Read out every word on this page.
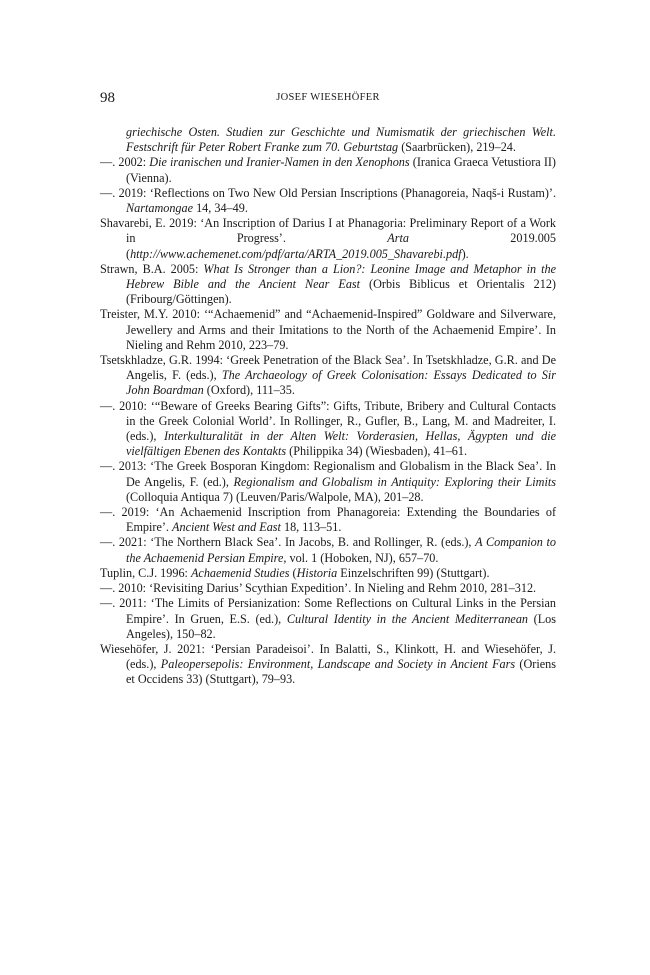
98	JOSEF WIESEHÖFER
griechische Osten. Studien zur Geschichte und Numismatik der griechischen Welt. Festschrift für Peter Robert Franke zum 70. Geburtstag (Saarbrücken), 219–24.
—. 2002: Die iranischen und Iranier-Namen in den Xenophons (Iranica Graeca Vetustiora II) (Vienna).
—. 2019: ‘Reflections on Two New Old Persian Inscriptions (Phanagoreia, Naqš-i Rustam)’. Nartamongae 14, 34–49.
Shavarebi, E. 2019: ‘An Inscription of Darius I at Phanagoria: Preliminary Report of a Work in Progress’. Arta 2019.005 (http://www.achemenet.com/pdf/arta/ARTA_2019.005_Shavarebi.pdf).
Strawn, B.A. 2005: What Is Stronger than a Lion?: Leonine Image and Metaphor in the Hebrew Bible and the Ancient Near East (Orbis Biblicus et Orientalis 212) (Fribourg/Göttingen).
Treister, M.Y. 2010: ‘“Achaemenid” and “Achaemenid-Inspired” Goldware and Silverware, Jewellery and Arms and their Imitations to the North of the Achaemenid Empire’. In Nieling and Rehm 2010, 223–79.
Tsetskhladze, G.R. 1994: ‘Greek Penetration of the Black Sea’. In Tsetskhladze, G.R. and De Angelis, F. (eds.), The Archaeology of Greek Colonisation: Essays Dedicated to Sir John Boardman (Oxford), 111–35.
—. 2010: ‘“Beware of Greeks Bearing Gifts”: Gifts, Tribute, Bribery and Cultural Contacts in the Greek Colonial World’. In Rollinger, R., Gufler, B., Lang, M. and Madreiter, I. (eds.), Interkulturalität in der Alten Welt: Vorderasien, Hellas, Ägypten und die vielfältigen Ebenen des Kontakts (Philippika 34) (Wiesbaden), 41–61.
—. 2013: ‘The Greek Bosporan Kingdom: Regionalism and Globalism in the Black Sea’. In De Angelis, F. (ed.), Regionalism and Globalism in Antiquity: Exploring their Limits (Colloquia Antiqua 7) (Leuven/Paris/Walpole, MA), 201–28.
—. 2019: ‘An Achaemenid Inscription from Phanagoreia: Extending the Boundaries of Empire’. Ancient West and East 18, 113–51.
—. 2021: ‘The Northern Black Sea’. In Jacobs, B. and Rollinger, R. (eds.), A Companion to the Achaemenid Persian Empire, vol. 1 (Hoboken, NJ), 657–70.
Tuplin, C.J. 1996: Achaemenid Studies (Historia Einzelschriften 99) (Stuttgart).
—. 2010: ‘Revisiting Darius’ Scythian Expedition’. In Nieling and Rehm 2010, 281–312.
—. 2011: ‘The Limits of Persianization: Some Reflections on Cultural Links in the Persian Empire’. In Gruen, E.S. (ed.), Cultural Identity in the Ancient Mediterranean (Los Angeles), 150–82.
Wiesehöfer, J. 2021: ‘Persian Paradeisoi’. In Balatti, S., Klinkott, H. and Wiesehöfer, J. (eds.), Paleopersepolis: Environment, Landscape and Society in Ancient Fars (Oriens et Occidens 33) (Stuttgart), 79–93.
